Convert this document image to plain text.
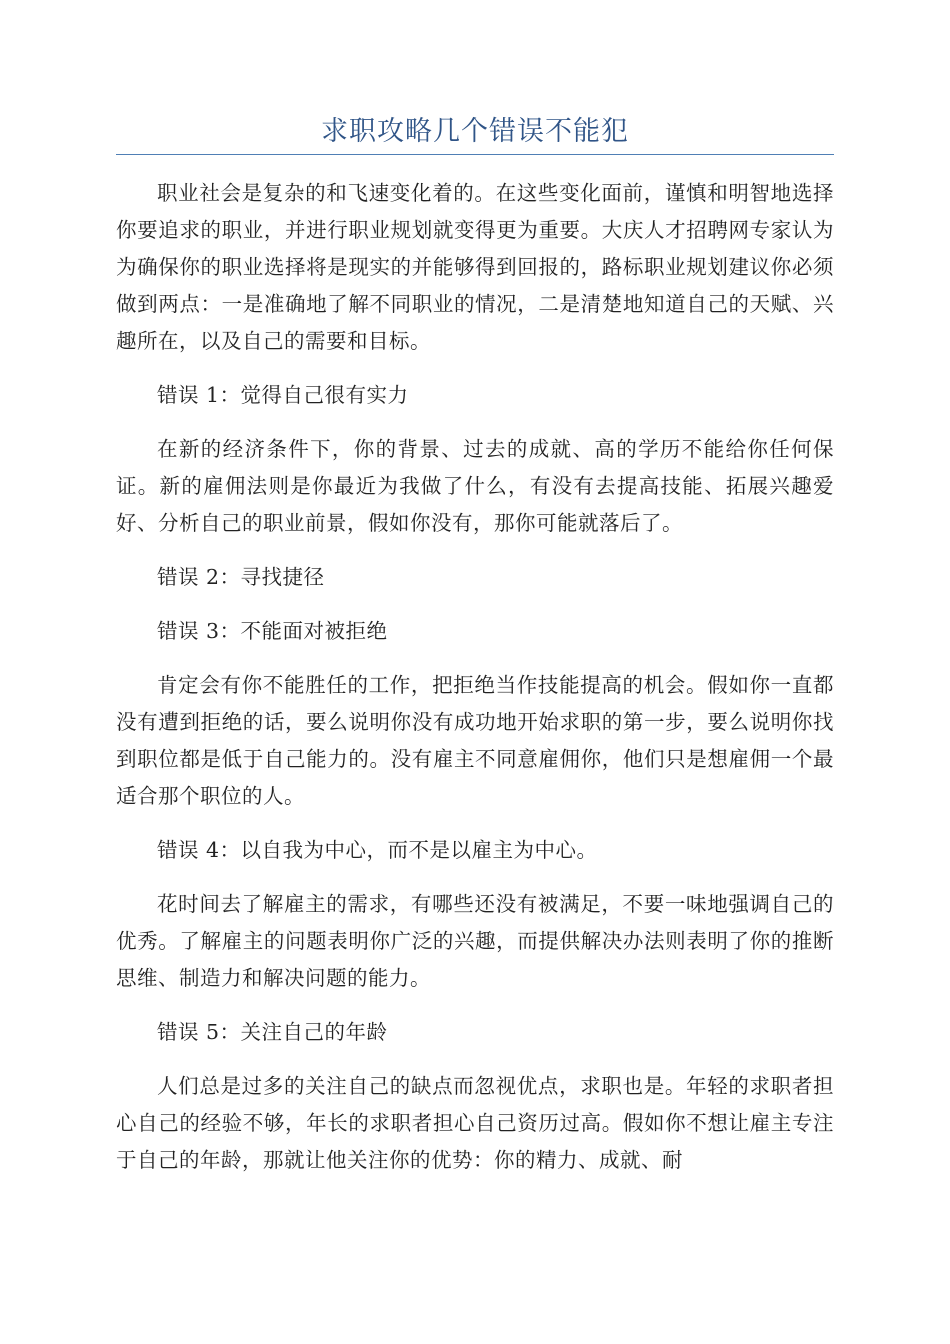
求职攻略几个错误不能犯

职业社会是复杂的和飞速变化着的。在这些变化面前，谨慎和明智地选择你要追求的职业，并进行职业规划就变得更为重要。大庆人才招聘网专家认为为确保你的职业选择将是现实的并能够得到回报的，路标职业规划建议你必须做到两点：一是准确地了解不同职业的情况，二是清楚地知道自己的天赋、兴趣所在，以及自己的需要和目标。

错误 1：觉得自己很有实力

在新的经济条件下，你的背景、过去的成就、高的学历不能给你任何保证。新的雇佣法则是你最近为我做了什么，有没有去提高技能、拓展兴趣爱好、分析自己的职业前景，假如你没有，那你可能就落后了。

错误 2：寻找捷径

错误 3：不能面对被拒绝

肯定会有你不能胜任的工作，把拒绝当作技能提高的机会。假如你一直都没有遭到拒绝的话，要么说明你没有成功地开始求职的第一步，要么说明你找到职位都是低于自己能力的。没有雇主不同意雇佣你，他们只是想雇佣一个最适合那个职位的人。

错误 4：以自我为中心，而不是以雇主为中心。

花时间去了解雇主的需求，有哪些还没有被满足，不要一味地强调自己的优秀。了解雇主的问题表明你广泛的兴趣，而提供解决办法则表明了你的推断思维、制造力和解决问题的能力。

错误 5：关注自己的年龄

人们总是过多的关注自己的缺点而忽视优点，求职也是。年轻的求职者担心自己的经验不够，年长的求职者担心自己资历过高。假如你不想让雇主专注于自己的年龄，那就让他关注你的优势：你的精力、成就、耐
